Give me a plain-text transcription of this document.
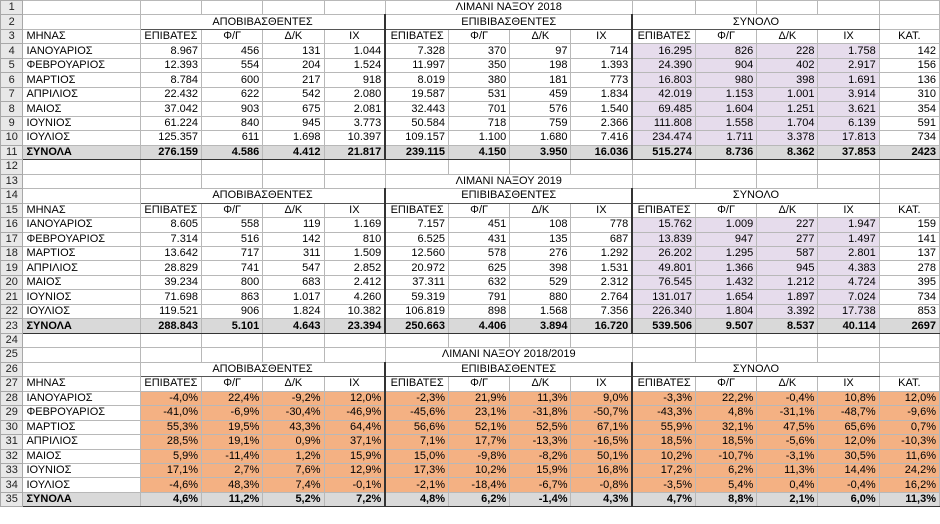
1						ΛΙΜΑΝΙ ΝΑΞΟΥ 2018								
2		ΑΠΟΒΙΒΑΣΘΕΝΤΕΣ				ΕΠΙΒΙΒΑΣΘΕΝΤΕΣ				ΣΥΝΟΛΟ				
3	ΜΗΝΑΣ	ΕΠΙΒΑΤΕΣ	Φ/Γ	Δ/Κ	ΙΧ	ΕΠΙΒΑΤΕΣ	Φ/Γ	Δ/Κ	ΙΧ	ΕΠΙΒΑΤΕΣ	Φ/Γ	Δ/Κ	ΙΧ	ΚΑΤ.
4	ΙΑΝΟΥΑΡΙΟΣ	8.967	456	131	1.044	7.328	370	97	714	16.295	826	228	1.758	142
5	ΦΕΒΡΟΥΑΡΙΟΣ	12.393	554	204	1.524	11.997	350	198	1.393	24.390	904	402	2.917	156
6	ΜΑΡΤΙΟΣ	8.784	600	217	918	8.019	380	181	773	16.803	980	398	1.691	136
7	ΑΠΡΙΛΙΟΣ	22.432	622	542	2.080	19.587	531	459	1.834	42.019	1.153	1.001	3.914	310
8	ΜΑΙΟΣ	37.042	903	675	2.081	32.443	701	576	1.540	69.485	1.604	1.251	3.621	354
9	ΙΟΥΝΙΟΣ	61.224	840	945	3.773	50.584	718	759	2.366	111.808	1.558	1.704	6.139	591
10	ΙΟΥΛΙΟΣ	125.357	611	1.698	10.397	109.157	1.100	1.680	7.416	234.474	1.711	3.378	17.813	734
11	ΣΥΝΟΛΑ	276.159	4.586	4.412	21.817	239.115	4.150	3.950	16.036	515.274	8.736	8.362	37.853	2423
12														
13						ΛΙΜΑΝΙ ΝΑΞΟΥ 2019								
14		ΑΠΟΒΙΒΑΣΘΕΝΤΕΣ				ΕΠΙΒΙΒΑΣΘΕΝΤΕΣ				ΣΥΝΟΛΟ				
15	ΜΗΝΑΣ	ΕΠΙΒΑΤΕΣ	Φ/Γ	Δ/Κ	ΙΧ	ΕΠΙΒΑΤΕΣ	Φ/Γ	Δ/Κ	ΙΧ	ΕΠΙΒΑΤΕΣ	Φ/Γ	Δ/Κ	ΙΧ	ΚΑΤ.
16	ΙΑΝΟΥΑΡΙΟΣ	8.605	558	119	1.169	7.157	451	108	778	15.762	1.009	227	1.947	159
17	ΦΕΒΡΟΥΑΡΙΟΣ	7.314	516	142	810	6.525	431	135	687	13.839	947	277	1.497	141
18	ΜΑΡΤΙΟΣ	13.642	717	311	1.509	12.560	578	276	1.292	26.202	1.295	587	2.801	137
19	ΑΠΡΙΛΙΟΣ	28.829	741	547	2.852	20.972	625	398	1.531	49.801	1.366	945	4.383	278
20	ΜΑΙΟΣ	39.234	800	683	2.412	37.311	632	529	2.312	76.545	1.432	1.212	4.724	395
21	ΙΟΥΝΙΟΣ	71.698	863	1.017	4.260	59.319	791	880	2.764	131.017	1.654	1.897	7.024	734
22	ΙΟΥΛΙΟΣ	119.521	906	1.824	10.382	106.819	898	1.568	7.356	226.340	1.804	3.392	17.738	853
23	ΣΥΝΟΛΑ	288.843	5.101	4.643	23.394	250.663	4.406	3.894	16.720	539.506	9.507	8.537	40.114	2697
24														
25						ΛΙΜΑΝΙ ΝΑΞΟΥ 2018/2019								
26		ΑΠΟΒΙΒΑΣΘΕΝΤΕΣ				ΕΠΙΒΙΒΑΣΘΕΝΤΕΣ				ΣΥΝΟΛΟ				
27	ΜΗΝΑΣ	ΕΠΙΒΑΤΕΣ	Φ/Γ	Δ/Κ	ΙΧ	ΕΠΙΒΑΤΕΣ	Φ/Γ	Δ/Κ	ΙΧ	ΕΠΙΒΑΤΕΣ	Φ/Γ	Δ/Κ	ΙΧ	ΚΑΤ.
28	ΙΑΝΟΥΑΡΙΟΣ	-4,0%	22,4%	-9,2%	12,0%	-2,3%	21,9%	11,3%	9,0%	-3,3%	22,2%	-0,4%	10,8%	12,0%
29	ΦΕΒΡΟΥΑΡΙΟΣ	-41,0%	-6,9%	-30,4%	-46,9%	-45,6%	23,1%	-31,8%	-50,7%	-43,3%	4,8%	-31,1%	-48,7%	-9,6%
30	ΜΑΡΤΙΟΣ	55,3%	19,5%	43,3%	64,4%	56,6%	52,1%	52,5%	67,1%	55,9%	32,1%	47,5%	65,6%	0,7%
31	ΑΠΡΙΛΙΟΣ	28,5%	19,1%	0,9%	37,1%	7,1%	17,7%	-13,3%	-16,5%	18,5%	18,5%	-5,6%	12,0%	-10,3%
32	ΜΑΙΟΣ	5,9%	-11,4%	1,2%	15,9%	15,0%	-9,8%	-8,2%	50,1%	10,2%	-10,7%	-3,1%	30,5%	11,6%
33	ΙΟΥΝΙΟΣ	17,1%	2,7%	7,6%	12,9%	17,3%	10,2%	15,9%	16,8%	17,2%	6,2%	11,3%	14,4%	24,2%
34	ΙΟΥΛΙΟΣ	-4,6%	48,3%	7,4%	-0,1%	-2,1%	-18,4%	-6,7%	-0,8%	-3,5%	5,4%	0,4%	-0,4%	16,2%
35	ΣΥΝΟΛΑ	4,6%	11,2%	5,2%	7,2%	4,8%	6,2%	-1,4%	4,3%	4,7%	8,8%	2,1%	6,0%	11,3%
